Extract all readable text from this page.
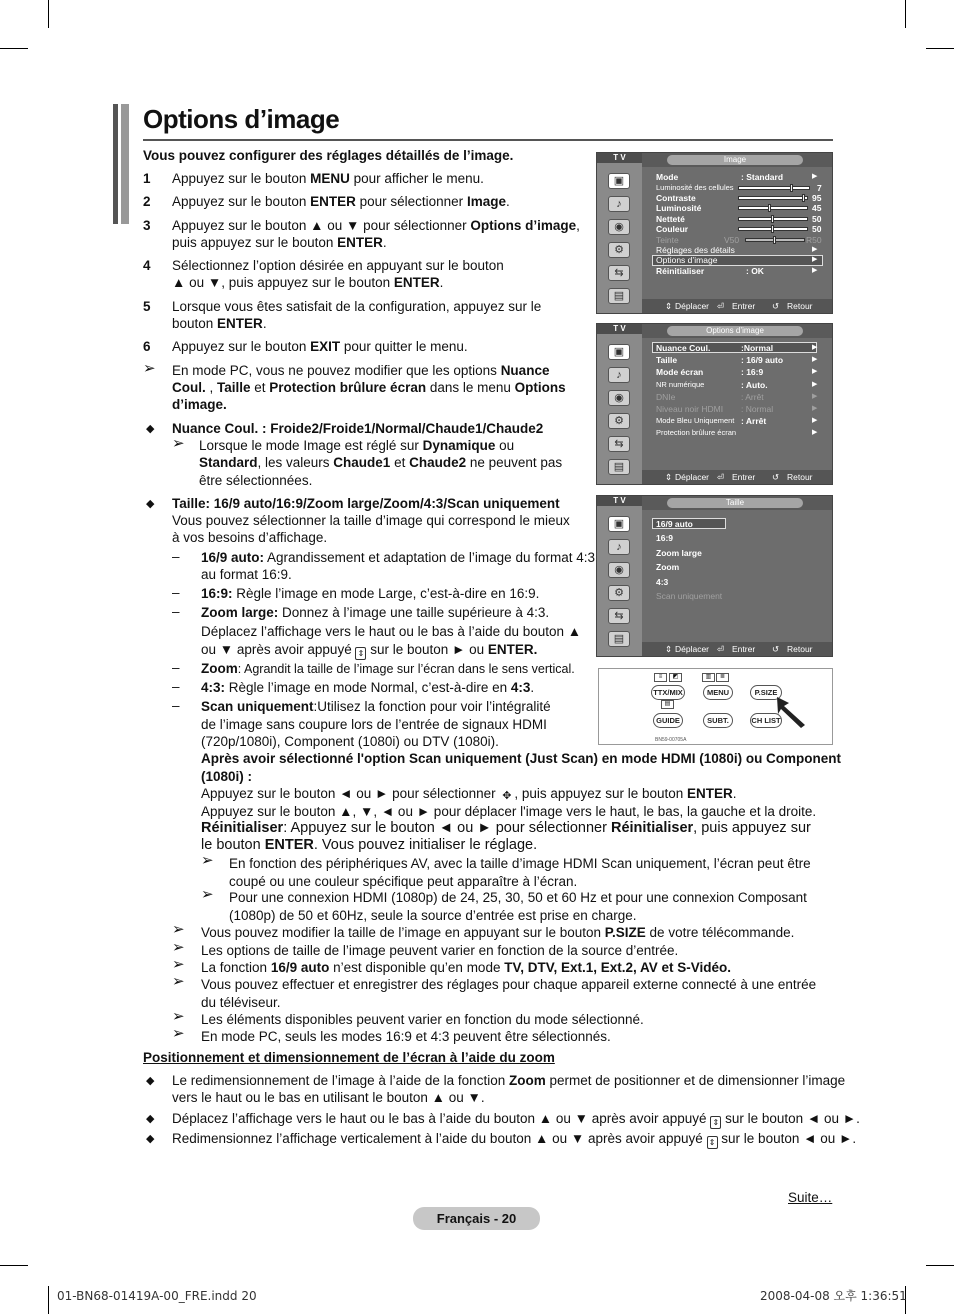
Options d’image
Vous pouvez configurer des réglages détaillés de l’image.
1 Appuyez sur le bouton MENU pour afficher le menu.
2 Appuyez sur le bouton ENTER pour sélectionner Image.
3 Appuyez sur le bouton ▲ ou ▼ pour sélectionner Options d’image,
puis appuyez sur le bouton ENTER.
4 Sélectionnez l’option désirée en appuyant sur le bouton
▲ ou ▼, puis appuyez sur le bouton ENTER.
5 Lorsque vous êtes satisfait de la configuration, appuyez sur le
bouton ENTER.
6 Appuyez sur le bouton EXIT pour quitter le menu.
➢ En mode PC, vous ne pouvez modifier que les options Nuance
Coul. , Taille et Protection brûlure écran dans le menu Options
d’image.
◆ Nuance Coul. : Froide2/Froide1/Normal/Chaude1/Chaude2
➢ Lorsque le mode Image est réglé sur Dynamique ou
Standard, les valeurs Chaude1 et Chaude2 ne peuvent pas
être sélectionnées.
◆ Taille: 16/9 auto/16:9/Zoom large/Zoom/4:3/Scan uniquement
Vous pouvez sélectionner la taille d’image qui correspond le mieux
à vos besoins d’affichage.
– 16/9 auto: Agrandissement et adaptation de l’image du format 4:3
au format 16:9.
– 16:9: Règle l’image en mode Large, c’est-à-dire en 16:9.
– Zoom large: Donnez à l’image une taille supérieure à 4:3.
Déplacez l’affichage vers le haut ou le bas à l’aide du bouton ▲
ou ▼ après avoir appuyé ⇕ sur le bouton ► ou ENTER.
– Zoom: Agrandit la taille de l’image sur l’écran dans le sens vertical.
– 4:3: Règle l’image en mode Normal, c’est-à-dire en 4:3.
– Scan uniquement:Utilisez la fonction pour voir l’intégralité
de l’image sans coupure lors de l’entrée de signaux HDMI
(720p/1080i), Component (1080i) ou DTV (1080i).
Après avoir sélectionné l'option Scan uniquement (Just Scan) en mode HDMI (1080i) ou Component
(1080i) :
Appuyez sur le bouton ◄ ou ► pour sélectionner ✥ , puis appuyez sur le bouton ENTER.
Appuyez sur le bouton ▲, ▼, ◄ ou ► pour déplacer l'image vers le haut, le bas, la gauche et la droite.
Réinitialiser: Appuyez sur le bouton ◄ ou ► pour sélectionner Réinitialiser, puis appuyez sur
le bouton ENTER. Vous pouvez initialiser le réglage.
➢ En fonction des périphériques AV, avec la taille d’image HDMI Scan uniquement, l’écran peut être
coupé ou une couleur spécifique peut apparaître à l’écran.
➢ Pour une connexion HDMI (1080p) de 24, 25, 30, 50 et 60 Hz et pour une connexion Composant
(1080p) de 50 et 60Hz, seule la source d’entrée est prise en charge.
➢ Vous pouvez modifier la taille de l’image en appuyant sur le bouton P.SIZE de votre télécommande.
➢ Les options de taille de l’image peuvent varier en fonction de la source d’entrée.
➢ La fonction 16/9 auto n’est disponible qu’en mode TV, DTV, Ext.1, Ext.2, AV et S-Vidéo.
➢ Vous pouvez effectuer et enregistrer des réglages pour chaque appareil externe connecté à une entrée
du téléviseur.
➢ Les éléments disponibles peuvent varier en fonction du mode sélectionné.
➢ En mode PC, seuls les modes 16:9 et 4:3 peuvent être sélectionnés.
Positionnement et dimensionnement de l’écran à l’aide du zoom
◆ Le redimensionnement de l’image à l’aide de la fonction Zoom permet de positionner et de dimensionner l’image
vers le haut ou le bas en utilisant le bouton ▲ ou ▼.
◆ Déplacez l’affichage vers le haut ou le bas à l’aide du bouton ▲ ou ▼ après avoir appuyé ⇕ sur le bouton ◄ ou ►.
◆ Redimensionnez l’affichage verticalement à l’aide du bouton ▲ ou ▼ après avoir appuyé ⇕ sur le bouton ◄ ou ►.
Suite…
Français - 20
01-BN68-01419A-00_FRE.indd 20	2008-04-08 오후 1:36:51
T V
▣
♪
◉
⚙
⇆
▤
Image
Mode	: Standard	▶
Luminosité des cellules	7
Contraste	95
Luminosité	45
Netteté	50
Couleur	50
Teinte	V50	R50
Réglages des détails	▶
Options d’image	▶
Réinitialiser	: OK	▶
⇕ Déplacer ⏎ Entrer ↺ Retour
T V
▣
♪
◉
⚙
⇆
▤
Options d’image
Nuance Coul.	:Normal	▶
Taille	: 16/9 auto	▶
Mode écran	: 16:9	▶
NR numérique	: Auto.	▶
DNIe	: Arrêt	▶
Niveau noir HDMI : Normal	▶
Mode Bleu Uniquement : Arrêt	▶
Protection brûlure écran	▶
⇕ Déplacer ⏎ Entrer ↺ Retour
T V
▣
♪
◉
⚙
⇆
▤
Taille
16/9 auto
16:9
Zoom large
Zoom
4:3
Scan uniquement
⇕ Déplacer ⏎ Entrer ↺ Retour
≡	◩	▥	≣
▤
TTX/MIX	MENU	P.SIZE
GUIDE	SUBT.	CH LIST
BN59-00705A
